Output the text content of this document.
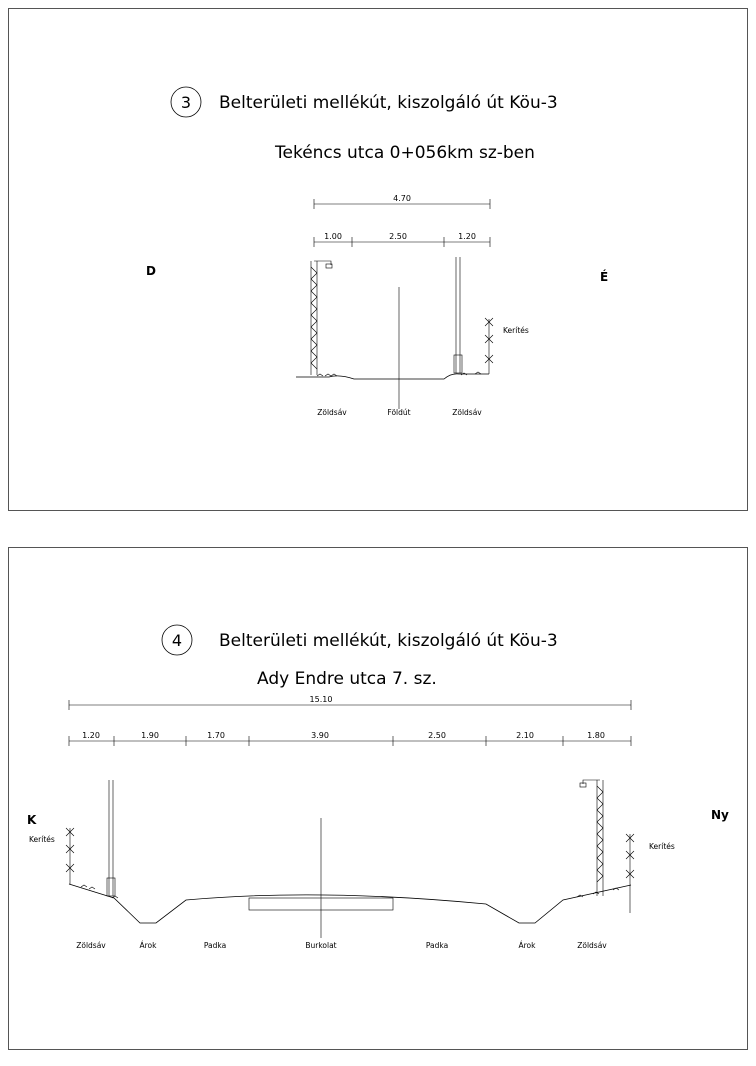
3 Belterületi mellékút, kiszolgáló út Köu-3
Tekéncs utca 0+056km sz-ben
4.70
1.00	2.50	1.20
D	É
Kerítés
Zöldsáv	Földút	Zöldsáv
4 Belterületi mellékút, kiszolgáló út Köu-3
Ady Endre utca 7. sz.
15.10
1.20	1.90	1.70	3.90	2.50	2.10	1.80
K	Ny
Kerítés
Kerítés
Zöldsáv	Árok	Padka	Burkolat	Padka	Árok	Zöldsáv
